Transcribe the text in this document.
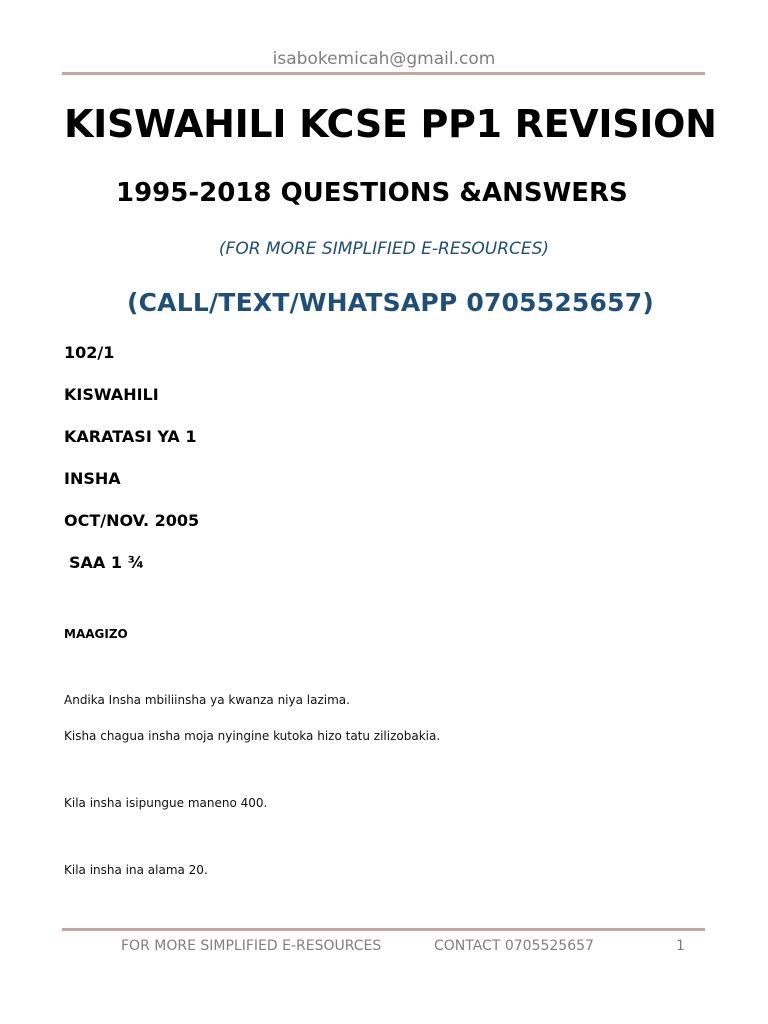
isabokemicah@gmail.com
KISWAHILI KCSE PP1 REVISION
1995-2018 QUESTIONS &ANSWERS
(FOR MORE SIMPLIFIED E-RESOURCES)
(CALL/TEXT/WHATSAPP 0705525657)
102/1
KISWAHILI
KARATASI YA 1
INSHA
OCT/NOV. 2005
SAA 1 ¾
MAAGIZO
Andika Insha mbiliinsha ya kwanza niya lazima.
Kisha chagua insha moja nyingine kutoka hizo tatu zilizobakia.
Kila insha isipungue maneno 400.
Kila insha ina alama 20.
FOR MORE SIMPLIFIED E-RESOURCES	CONTACT 0705525657	1
